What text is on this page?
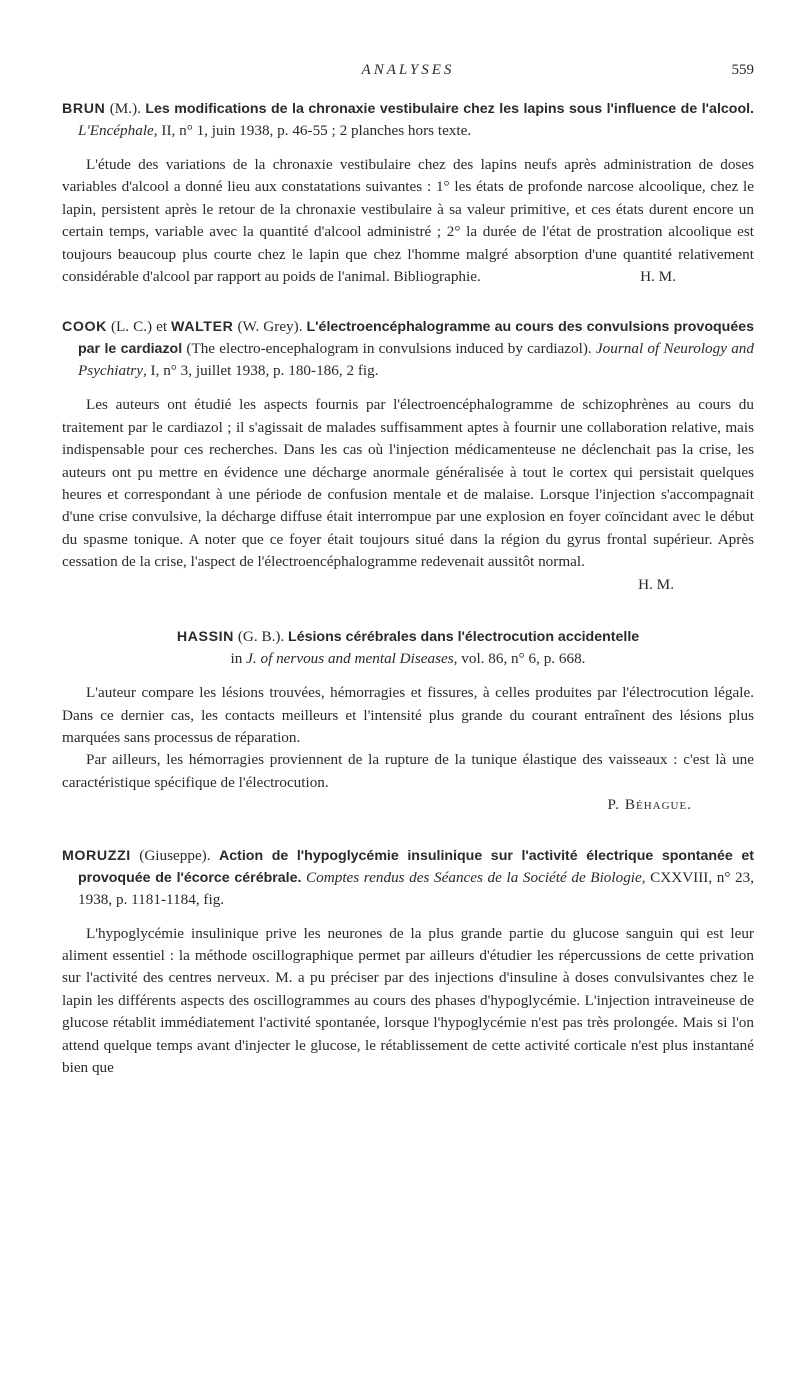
ANALYSES	559

BRUN (M.). Les modifications de la chronaxie vestibulaire chez les lapins sous l'influence de l'alcool. L'Encéphale, II, n° 1, juin 1938, p. 46-55 ; 2 planches hors texte.

L'étude des variations de la chronaxie vestibulaire chez des lapins neufs après administration de doses variables d'alcool a donné lieu aux constatations suivantes : 1° les états de profonde narcose alcoolique, chez le lapin, persistent après le retour de la chronaxie vestibulaire à sa valeur primitive, et ces états durent encore un certain temps, variable avec la quantité d'alcool administré ; 2° la durée de l'état de prostration alcoolique est toujours beaucoup plus courte chez le lapin que chez l'homme malgré absorption d'une quantité relativement considérable d'alcool par rapport au poids de l'animal. Bibliographie.	H. M.

COOK (L. C.) et WALTER (W. Grey). L'électroencéphalogramme au cours des convulsions provoquées par le cardiazol (The electro-encephalogram in convulsions induced by cardiazol). Journal of Neurology and Psychiatry, I, n° 3, juillet 1938, p. 180-186, 2 fig.

Les auteurs ont étudié les aspects fournis par l'électroencéphalogramme de schizophrènes au cours du traitement par le cardiazol ; il s'agissait de malades suffisamment aptes à fournir une collaboration relative, mais indispensable pour ces recherches. Dans les cas où l'injection médicamenteuse ne déclenchait pas la crise, les auteurs ont pu mettre en évidence une décharge anormale généralisée à tout le cortex qui persistait quelques heures et correspondant à une période de confusion mentale et de malaise. Lorsque l'injection s'accompagnait d'une crise convulsive, la décharge diffuse était interrompue par une explosion en foyer coïncidant avec le début du spasme tonique. A noter que ce foyer était toujours situé dans la région du gyrus frontal supérieur. Après cessation de la crise, l'aspect de l'électroencéphalogramme redevenait aussitôt normal.

H. M.

HASSIN (G. B.). Lésions cérébrales dans l'électrocution accidentelle
in J. of nervous and mental Diseases, vol. 86, n° 6, p. 668.

L'auteur compare les lésions trouvées, hémorragies et fissures, à celles produites par l'électrocution légale. Dans ce dernier cas, les contacts meilleurs et l'intensité plus grande du courant entraînent des lésions plus marquées sans processus de réparation.

Par ailleurs, les hémorragies proviennent de la rupture de la tunique élastique des vaisseaux : c'est là une caractéristique spécifique de l'électrocution.

P. Béhague.

MORUZZI (Giuseppe). Action de l'hypoglycémie insulinique sur l'activité électrique spontanée et provoquée de l'écorce cérébrale. Comptes rendus des Séances de la Société de Biologie, CXXVIII, n° 23, 1938, p. 1181-1184, fig.

L'hypoglycémie insulinique prive les neurones de la plus grande partie du glucose sanguin qui est leur aliment essentiel : la méthode oscillographique permet par ailleurs d'étudier les répercussions de cette privation sur l'activité des centres nerveux. M. a pu préciser par des injections d'insuline à doses convulsivantes chez le lapin les différents aspects des oscillogrammes au cours des phases d'hypoglycémie. L'injection intraveineuse de glucose rétablit immédiatement l'activité spontanée, lorsque l'hypoglycémie n'est pas très prolongée. Mais si l'on attend quelque temps avant d'injecter le glucose, le rétablissement de cette activité corticale n'est plus instantané bien que
